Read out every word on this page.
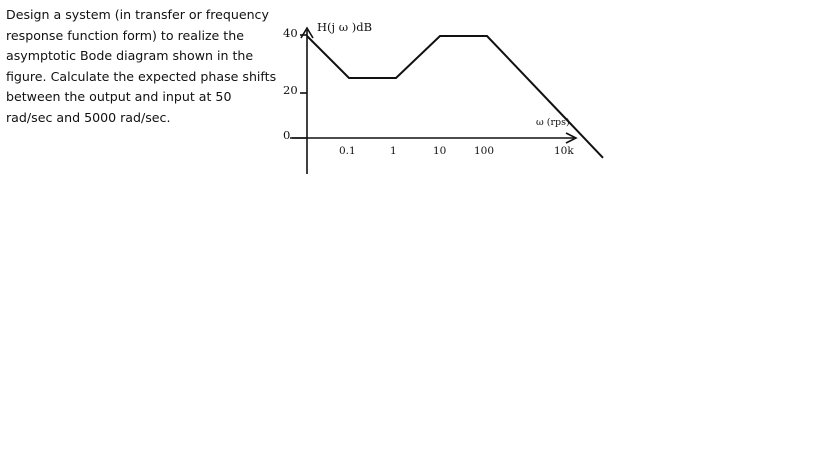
Design a system (in transfer or frequency
response function form) to realize the
asymptotic Bode diagram shown in the
figure. Calculate the expected phase shifts
between the output and input at 50
rad/sec and 5000 rad/sec.
40
20
0
0.1	1	10	100	10k
H(j ω )dB
ω (rps)
